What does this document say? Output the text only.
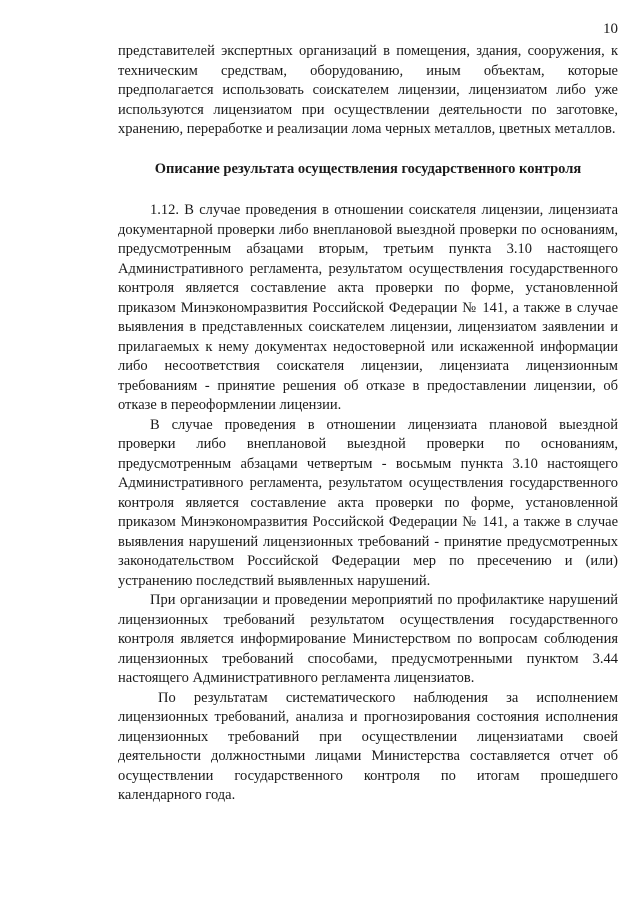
10

представителей экспертных организаций в помещения, здания, сооружения, к техническим средствам, оборудованию, иным объектам, которые предполагается использовать соискателем лицензии, лицензиатом либо уже используются лицензиатом при осуществлении деятельности по заготовке, хранению, переработке и реализации лома черных металлов, цветных металлов.

Описание результата осуществления государственного контроля

1.12. В случае проведения в отношении соискателя лицензии, лицензиата документарной проверки либо внеплановой выездной проверки по основаниям, предусмотренным абзацами вторым, третьим пункта 3.10 настоящего Административного регламента, результатом осуществления государственного контроля является составление акта проверки по форме, установленной приказом Минэкономразвития Российской Федерации № 141, а также в случае выявления в представленных соискателем лицензии, лицензиатом заявлении и прилагаемых к нему документах недостоверной или искаженной информации либо несоответствия соискателя лицензии, лицензиата лицензионным требованиям - принятие решения об отказе в предоставлении лицензии, об отказе в переоформлении лицензии.

В случае проведения в отношении лицензиата плановой выездной проверки либо внеплановой выездной проверки по основаниям, предусмотренным абзацами четвертым - восьмым пункта 3.10 настоящего Административного регламента, результатом осуществления государственного контроля является составление акта проверки по форме, установленной приказом Минэкономразвития Российской Федерации № 141, а также в случае выявления нарушений лицензионных требований - принятие предусмотренных законодательством Российской Федерации мер по пресечению и (или) устранению последствий выявленных нарушений.

При организации и проведении мероприятий по профилактике нарушений лицензионных требований результатом осуществления государственного контроля является информирование Министерством по вопросам соблюдения лицензионных требований способами, предусмотренными пунктом 3.44 настоящего Административного регламента лицензиатов.

По результатам систематического наблюдения за исполнением лицензионных требований, анализа и прогнозирования состояния исполнения лицензионных требований при осуществлении лицензиатами своей деятельности должностными лицами Министерства составляется отчет об осуществлении государственного контроля по итогам прошедшего календарного года.
